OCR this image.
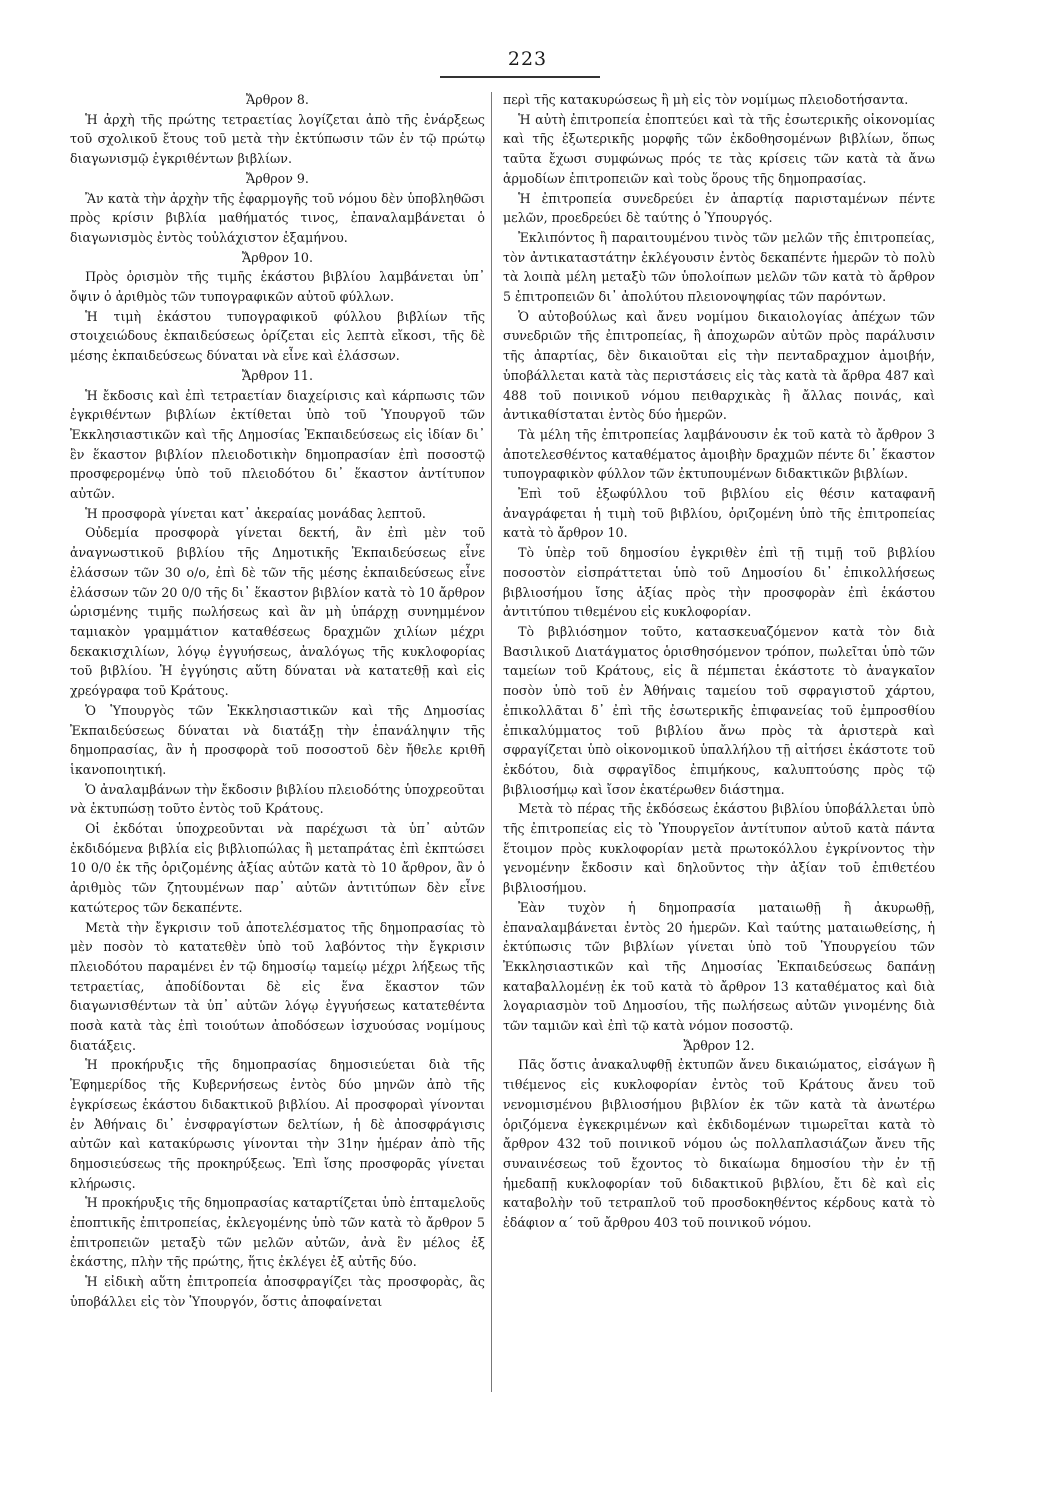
223
Ἄρθρον 8.

Ἡ ἀρχὴ τῆς πρώτης τετραετίας λογίζεται ἀπὸ τῆς ἐνάρξεως τοῦ σχολικοῦ ἔτους τοῦ μετὰ τὴν ἐκτύπωσιν τῶν ἐν τῷ πρώτῳ διαγωνισμῷ ἐγκριθέντων βιβλίων.

Ἄρθρον 9.

Ἂν κατὰ τὴν ἀρχὴν τῆς ἐφαρμογῆς τοῦ νόμου δὲν ὑποβληθῶσι πρὸς κρίσιν βιβλία μαθήματός τινος, ἐπαναλαμβάνεται ὁ διαγωνισμὸς ἐντὸς τοὐλάχιστον ἑξαμήνου.

Ἄρθρον 10.

Πρὸς ὁρισμὸν τῆς τιμῆς ἑκάστου βιβλίου λαμβάνεται ὑπ᾿ ὄψιν ὁ ἀριθμὸς τῶν τυπογραφικῶν αὐτοῦ φύλλων.

Ἡ τιμὴ ἑκάστου τυπογραφικοῦ φύλλου βιβλίων τῆς στοιχειώδους ἐκπαιδεύσεως ὁρίζεται εἰς λεπτὰ εἴκοσι, τῆς δὲ μέσης ἐκπαιδεύσεως δύναται νὰ εἶνε καὶ ἐλάσσων.

Ἄρθρον 11.

Ἡ ἔκδοσις καὶ ἐπὶ τετραετίαν διαχείρισις καὶ κάρπωσις τῶν ἐγκριθέντων βιβλίων ἐκτίθεται ὑπὸ τοῦ Ὑπουργοῦ τῶν Ἐκκλησιαστικῶν καὶ τῆς Δημοσίας Ἐκπαιδεύσεως εἰς ἰδίαν δι᾿ ἓν ἕκαστον βιβλίον πλειοδοτικὴν δημοπρασίαν ἐπὶ ποσοστῷ προσφερομένῳ ὑπὸ τοῦ πλειοδότου δι᾿ ἕκαστον ἀντίτυπον αὐτῶν.

Ἡ προσφορὰ γίνεται κατ᾿ ἀκεραίας μονάδας λεπτοῦ.

Οὐδεμία προσφορὰ γίνεται δεκτή, ἂν ἐπὶ μὲν τοῦ ἀναγνωστικοῦ βιβλίου τῆς Δημοτικῆς Ἐκπαιδεύσεως εἶνε ἐλάσσων τῶν 30 ο/ο, ἐπὶ δὲ τῶν τῆς μέσης ἐκπαιδεύσεως εἶνε ἐλάσσων τῶν 20 0/0 τῆς δι᾿ ἕκαστον βιβλίον κατὰ τὸ 10 ἄρθρον ὡρισμένης τιμῆς πωλήσεως καὶ ἂν μὴ ὑπάρχῃ συνημμένον ταμιακὸν γραμμάτιον καταθέσεως δραχμῶν χιλίων μέχρι δεκακισχιλίων, λόγῳ ἐγγυήσεως, ἀναλόγως τῆς κυκλοφορίας τοῦ βιβλίου. Ἡ ἐγγύησις αὕτη δύναται νὰ κατατεθῇ καὶ εἰς χρεόγραφα τοῦ Κράτους.

Ὁ Ὑπουργὸς τῶν Ἐκκλησιαστικῶν καὶ τῆς Δημοσίας Ἐκπαιδεύσεως δύναται νὰ διατάξῃ τὴν ἐπανάληψιν τῆς δημοπρασίας, ἂν ἡ προσφορὰ τοῦ ποσοστοῦ δὲν ἤθελε κριθῆ ἱκανοποιητική.

Ὁ ἀναλαμβάνων τὴν ἔκδοσιν βιβλίου πλειοδότης ὑποχρεοῦται νὰ ἐκτυπώσῃ τοῦτο ἐντὸς τοῦ Κράτους.

Οἱ ἐκδόται ὑποχρεοῦνται νὰ παρέχωσι τὰ ὑπ᾿ αὐτῶν ἐκδιδόμενα βιβλία εἰς βιβλιοπώλας ἢ μεταπράτας ἐπὶ ἐκπτώσει 10 0/0 ἐκ τῆς ὁριζομένης ἀξίας αὐτῶν κατὰ τὸ 10 ἄρθρον, ἂν ὁ ἀριθμὸς τῶν ζητουμένων παρ᾿ αὐτῶν ἀντιτύπων δὲν εἶνε κατώτερος τῶν δεκαπέντε.

Μετὰ τὴν ἔγκρισιν τοῦ ἀποτελέσματος τῆς δημοπρασίας τὸ μὲν ποσὸν τὸ κατατεθὲν ὑπὸ τοῦ λαβόντος τὴν ἔγκρισιν πλειοδότου παραμένει ἐν τῷ δημοσίῳ ταμείῳ μέχρι λήξεως τῆς τετραετίας, ἀποδίδονται δὲ εἰς ἕνα ἕκαστον τῶν διαγωνισθέντων τὰ ὑπ᾿ αὐτῶν λόγῳ ἐγγυήσεως κατατεθέντα ποσὰ κατὰ τὰς ἐπὶ τοιούτων ἀποδόσεων ἰσχυούσας νομίμους διατάξεις.

Ἡ προκήρυξις τῆς δημοπρασίας δημοσιεύεται διὰ τῆς Ἐφημερίδος τῆς Κυβερνήσεως ἐντὸς δύο μηνῶν ἀπὸ τῆς ἐγκρίσεως ἑκάστου διδακτικοῦ βιβλίου. Αἱ προσφοραὶ γίνονται ἐν Ἀθήναις δι᾿ ἐνσφραγίστων δελτίων, ἡ δὲ ἀποσφράγισις αὐτῶν καὶ κατακύρωσις γίνονται τὴν 31ην ἡμέραν ἀπὸ τῆς δημοσιεύσεως τῆς προκηρύξεως. Ἐπὶ ἴσης προσφορᾶς γίνεται κλήρωσις.

Ἡ προκήρυξις τῆς δημοπρασίας καταρτίζεται ὑπὸ ἑπταμελοῦς ἐποπτικῆς ἐπιτροπείας, ἐκλεγομένης ὑπὸ τῶν κατὰ τὸ ἄρθρον 5 ἐπιτροπειῶν μεταξὺ τῶν μελῶν αὐτῶν, ἀνὰ ἓν μέλος ἐξ ἑκάστης, πλὴν τῆς πρώτης, ἥτις ἐκλέγει ἐξ αὐτῆς δύο.

Ἡ εἰδικὴ αὕτη ἐπιτροπεία ἀποσφραγίζει τὰς προσφορὰς, ἃς ὑποβάλλει εἰς τὸν Ὑπουργόν, ὅστις ἀποφαίνεται

περὶ τῆς κατακυρώσεως ἢ μὴ εἰς τὸν νομίμως πλειοδοτήσαντα.

Ἡ αὐτὴ ἐπιτροπεία ἐποπτεύει καὶ τὰ τῆς ἐσωτερικῆς οἰκονομίας καὶ τῆς ἐξωτερικῆς μορφῆς τῶν ἐκδοθησομένων βιβλίων, ὅπως ταῦτα ἔχωσι συμφώνως πρός τε τὰς κρίσεις τῶν κατὰ τὰ ἄνω ἁρμοδίων ἐπιτροπειῶν καὶ τοὺς ὅρους τῆς δημοπρασίας.

Ἡ ἐπιτροπεία συνεδρεύει ἐν ἀπαρτίᾳ παρισταμένων πέντε μελῶν, προεδρεύει δὲ ταύτης ὁ Ὑπουργός.

Ἐκλιπόντος ἢ παραιτουμένου τινὸς τῶν μελῶν τῆς ἐπιτροπείας, τὸν ἀντικαταστάτην ἐκλέγουσιν ἐντὸς δεκαπέντε ἡμερῶν τὸ πολὺ τὰ λοιπὰ μέλη μεταξὺ τῶν ὑπολοίπων μελῶν τῶν κατὰ τὸ ἄρθρον 5 ἐπιτροπειῶν δι᾿ ἀπολύτου πλειονοψηφίας τῶν παρόντων.

Ὁ αὐτοβούλως καὶ ἄνευ νομίμου δικαιολογίας ἀπέχων τῶν συνεδριῶν τῆς ἐπιτροπείας, ἢ ἀποχωρῶν αὐτῶν πρὸς παράλυσιν τῆς ἀπαρτίας, δὲν δικαιοῦται εἰς τὴν πενταδραχμον ἀμοιβήν, ὑποβάλλεται κατὰ τὰς περιστάσεις εἰς τὰς κατὰ τὰ ἄρθρα 487 καὶ 488 τοῦ ποινικοῦ νόμου πειθαρχικὰς ἢ ἄλλας ποινάς, καὶ ἀντικαθίσταται ἐντὸς δύο ἡμερῶν.

Τὰ μέλη τῆς ἐπιτροπείας λαμβάνουσιν ἐκ τοῦ κατὰ τὸ ἄρθρον 3 ἀποτελεσθέντος καταθέματος ἀμοιβὴν δραχμῶν πέντε δι᾿ ἕκαστον τυπογραφικὸν φύλλον τῶν ἐκτυπουμένων διδακτικῶν βιβλίων.

Ἐπὶ τοῦ ἐξωφύλλου τοῦ βιβλίου εἰς θέσιν καταφανῆ ἀναγράφεται ἡ τιμὴ τοῦ βιβλίου, ὁριζομένη ὑπὸ τῆς ἐπιτροπείας κατὰ τὸ ἄρθρον 10.

Τὸ ὑπὲρ τοῦ δημοσίου ἐγκριθὲν ἐπὶ τῇ τιμῇ τοῦ βιβλίου ποσοστὸν εἰσπράττεται ὑπὸ τοῦ Δημοσίου δι᾿ ἐπικολλήσεως βιβλιοσήμου ἴσης ἀξίας πρὸς τὴν προσφορὰν ἐπὶ ἑκάστου ἀντιτύπου τιθεμένου εἰς κυκλοφορίαν.

Τὸ βιβλιόσημον τοῦτο, κατασκευαζόμενον κατὰ τὸν διὰ Βασιλικοῦ Διατάγματος ὁρισθησόμενον τρόπον, πωλεῖται ὑπὸ τῶν ταμείων τοῦ Κράτους, εἰς ἃ πέμπεται ἑκάστοτε τὸ ἀναγκαῖον ποσὸν ὑπὸ τοῦ ἐν Ἀθήναις ταμείου τοῦ σφραγιστοῦ χάρτου, ἐπικολλᾶται δ᾿ ἐπὶ τῆς ἐσωτερικῆς ἐπιφανείας τοῦ ἐμπροσθίου ἐπικαλύμματος τοῦ βιβλίου ἄνω πρὸς τὰ ἀριστερὰ καὶ σφραγίζεται ὑπὸ οἰκονομικοῦ ὑπαλλήλου τῇ αἰτήσει ἑκάστοτε τοῦ ἐκδότου, διὰ σφραγῖδος ἐπιμήκους, καλυπτούσης πρὸς τῷ βιβλιοσήμῳ καὶ ἴσον ἑκατέρωθεν διάστημα.

Μετὰ τὸ πέρας τῆς ἐκδόσεως ἑκάστου βιβλίου ὑποβάλλεται ὑπὸ τῆς ἐπιτροπείας εἰς τὸ Ὑπουργεῖον ἀντίτυπον αὐτοῦ κατὰ πάντα ἕτοιμον πρὸς κυκλοφορίαν μετὰ πρωτοκόλλου ἐγκρίνοντος τὴν γενομένην ἔκδοσιν καὶ δηλοῦντος τὴν ἀξίαν τοῦ ἐπιθετέου βιβλιοσήμου.

Ἐὰν τυχὸν ἡ δημοπρασία ματαιωθῇ ἢ ἀκυρωθῇ, ἐπαναλαμβάνεται ἐντὸς 20 ἡμερῶν. Καὶ ταύτης ματαιωθείσης, ἡ ἐκτύπωσις τῶν βιβλίων γίνεται ὑπὸ τοῦ Ὑπουργείου τῶν Ἐκκλησιαστικῶν καὶ τῆς Δημοσίας Ἐκπαιδεύσεως δαπάνῃ καταβαλλομένῃ ἐκ τοῦ κατὰ τὸ ἄρθρον 13 καταθέματος καὶ διὰ λογαριασμὸν τοῦ Δημοσίου, τῆς πωλήσεως αὐτῶν γινομένης διὰ τῶν ταμιῶν καὶ ἐπὶ τῷ κατὰ νόμον ποσοστῷ.

Ἄρθρον 12.

Πᾶς ὅστις ἀνακαλυφθῇ ἐκτυπῶν ἄνευ δικαιώματος, εἰσάγων ἢ τιθέμενος εἰς κυκλοφορίαν ἐντὸς τοῦ Κράτους ἄνευ τοῦ νενομισμένου βιβλιοσήμου βιβλίον ἐκ τῶν κατὰ τὰ ἀνωτέρω ὁριζόμενα ἐγκεκριμένων καὶ ἐκδιδομένων τιμωρεῖται κατὰ τὸ ἄρθρον 432 τοῦ ποινικοῦ νόμου ὡς πολλαπλασιάζων ἄνευ τῆς συναινέσεως τοῦ ἔχοντος τὸ δικαίωμα δημοσίου τὴν ἐν τῇ ἡμεδαπῇ κυκλοφορίαν τοῦ διδακτικοῦ βιβλίου, ἔτι δὲ καὶ εἰς καταβολὴν τοῦ τετραπλοῦ τοῦ προσδοκηθέντος κέρδους κατὰ τὸ ἐδάφιον α΄ τοῦ ἄρθρου 403 τοῦ ποινικοῦ νόμου.
